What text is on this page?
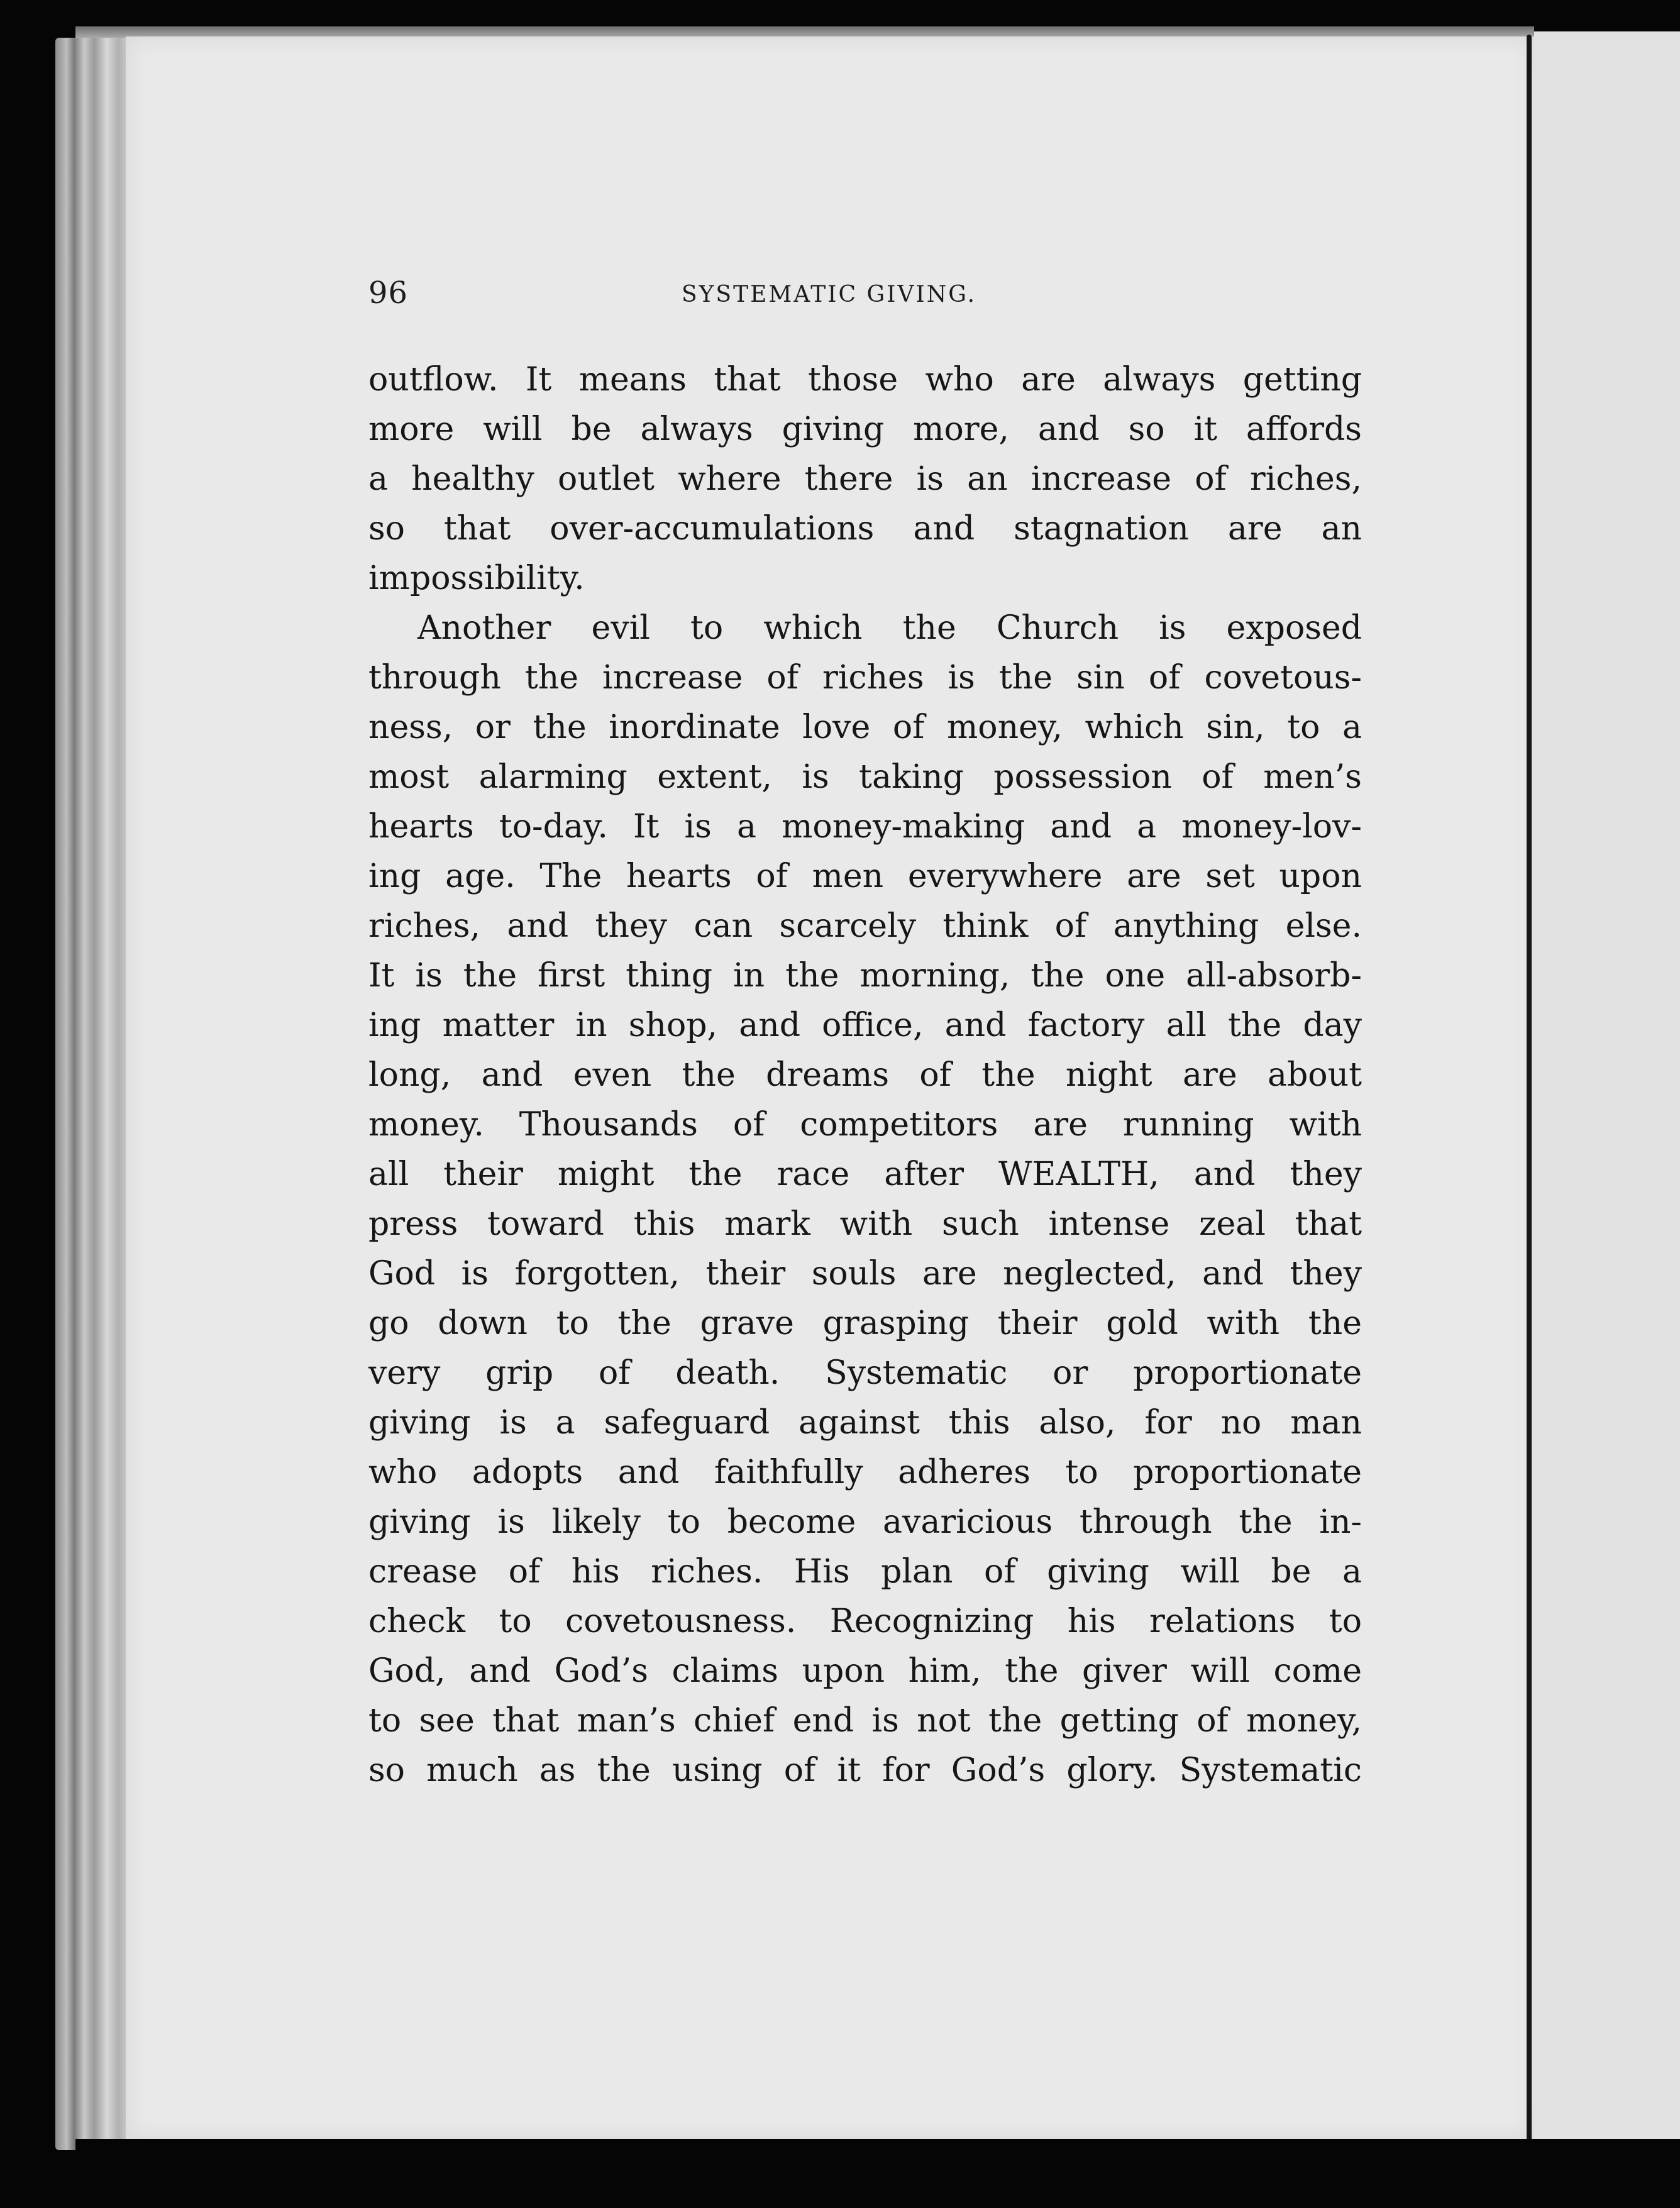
96	SYSTEMATIC GIVING.
outflow. It means that those who are always getting
more will be always giving more, and so it affords
a healthy outlet where there is an increase of riches,
so that over-accumulations and stagnation are an
impossibility.
Another evil to which the Church is exposed
through the increase of riches is the sin of covetous-
ness, or the inordinate love of money, which sin, to a
most alarming extent, is taking possession of men’s
hearts to-day. It is a money-making and a money-lov-
ing age. The hearts of men everywhere are set upon
riches, and they can scarcely think of anything else.
It is the first thing in the morning, the one all-absorb-
ing matter in shop, and office, and factory all the day
long, and even the dreams of the night are about
money. Thousands of competitors are running with
all their might the race after WEALTH, and they
press toward this mark with such intense zeal that
God is forgotten, their souls are neglected, and they
go down to the grave grasping their gold with the
very grip of death. Systematic or proportionate
giving is a safeguard against this also, for no man
who adopts and faithfully adheres to proportionate
giving is likely to become avaricious through the in-
crease of his riches. His plan of giving will be a
check to covetousness. Recognizing his relations to
God, and God’s claims upon him, the giver will come
to see that man’s chief end is not the getting of money,
so much as the using of it for God’s glory. Systematic
